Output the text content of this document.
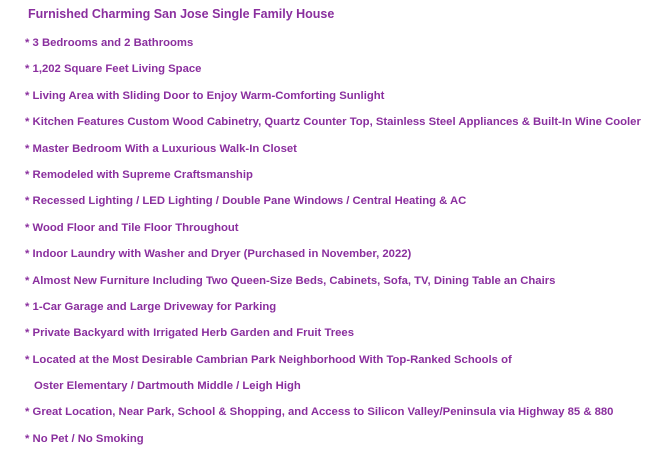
Furnished Charming San Jose Single Family House
* 3 Bedrooms and 2 Bathrooms
* 1,202 Square Feet Living Space
* Living Area with Sliding Door to Enjoy Warm-Comforting Sunlight
* Kitchen Features Custom Wood Cabinetry, Quartz Counter Top, Stainless Steel Appliances & Built-In Wine Cooler
* Master Bedroom With a Luxurious Walk-In Closet
* Remodeled with Supreme Craftsmanship
* Recessed Lighting / LED Lighting / Double Pane Windows / Central Heating & AC
* Wood Floor and Tile Floor Throughout
* Indoor Laundry with Washer and Dryer (Purchased in November, 2022)
* Almost New Furniture Including Two Queen-Size Beds, Cabinets, Sofa, TV, Dining Table an Chairs
* 1-Car Garage and Large Driveway for Parking
* Private Backyard with Irrigated Herb Garden and Fruit Trees
* Located at the Most Desirable Cambrian Park Neighborhood With Top-Ranked Schools of
Oster Elementary / Dartmouth Middle / Leigh High
* Great Location, Near Park, School & Shopping, and Access to Silicon Valley/Peninsula via Highway 85 & 880
* No Pet / No Smoking
